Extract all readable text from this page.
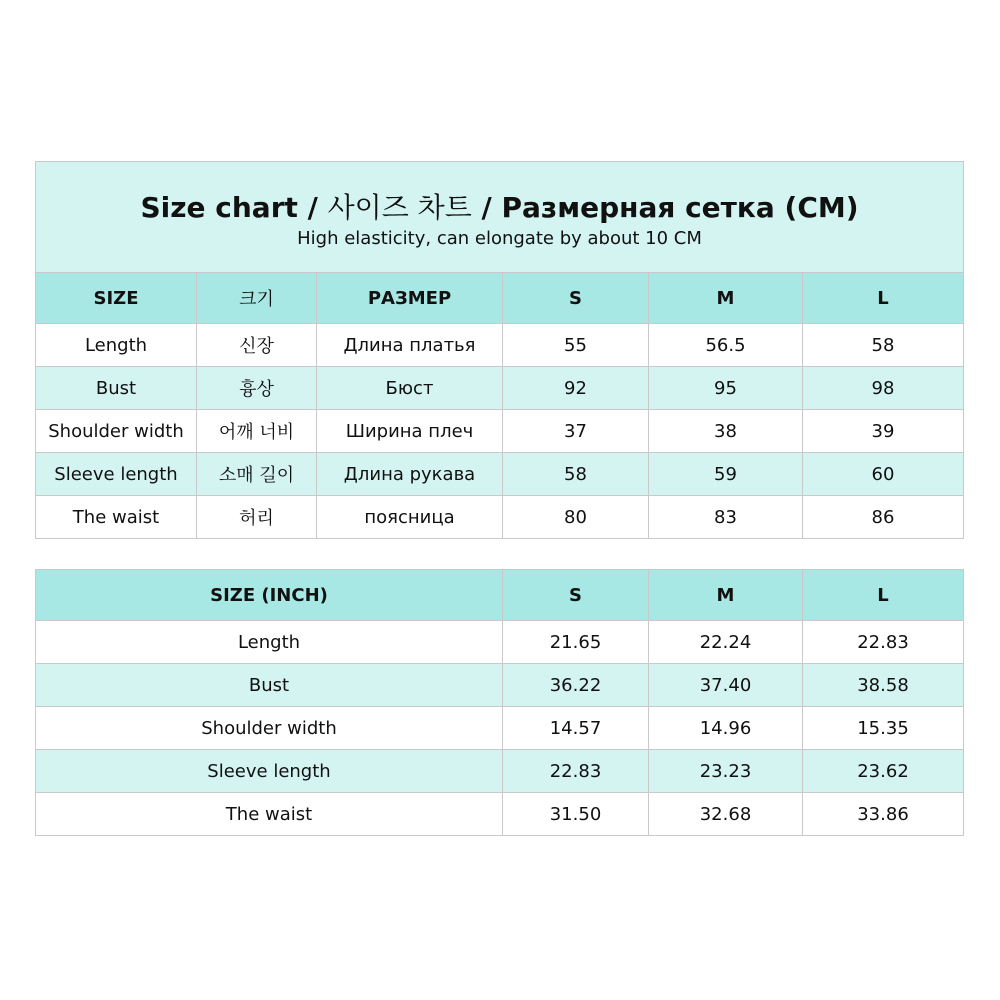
Size chart / 사이즈 차트 / Размерная сетка (CM)
High elasticity, can elongate by about 10 CM					

SIZE	크기	РАЗМЕР	S	M	L
Length	신장	Длина платья	55	56.5	58
Bust	흉상	Бюст	92	95	98
Shoulder width	어깨 너비	Ширина плеч	37	38	39
Sleeve length	소매 길이	Длина рукава	58	59	60
The waist	허리	поясница	80	83	86
SIZE (INCH)	S	M	L
Length	21.65	22.24	22.83
Bust	36.22	37.40	38.58
Shoulder width	14.57	14.96	15.35
Sleeve length	22.83	23.23	23.62
The waist	31.50	32.68	33.86
